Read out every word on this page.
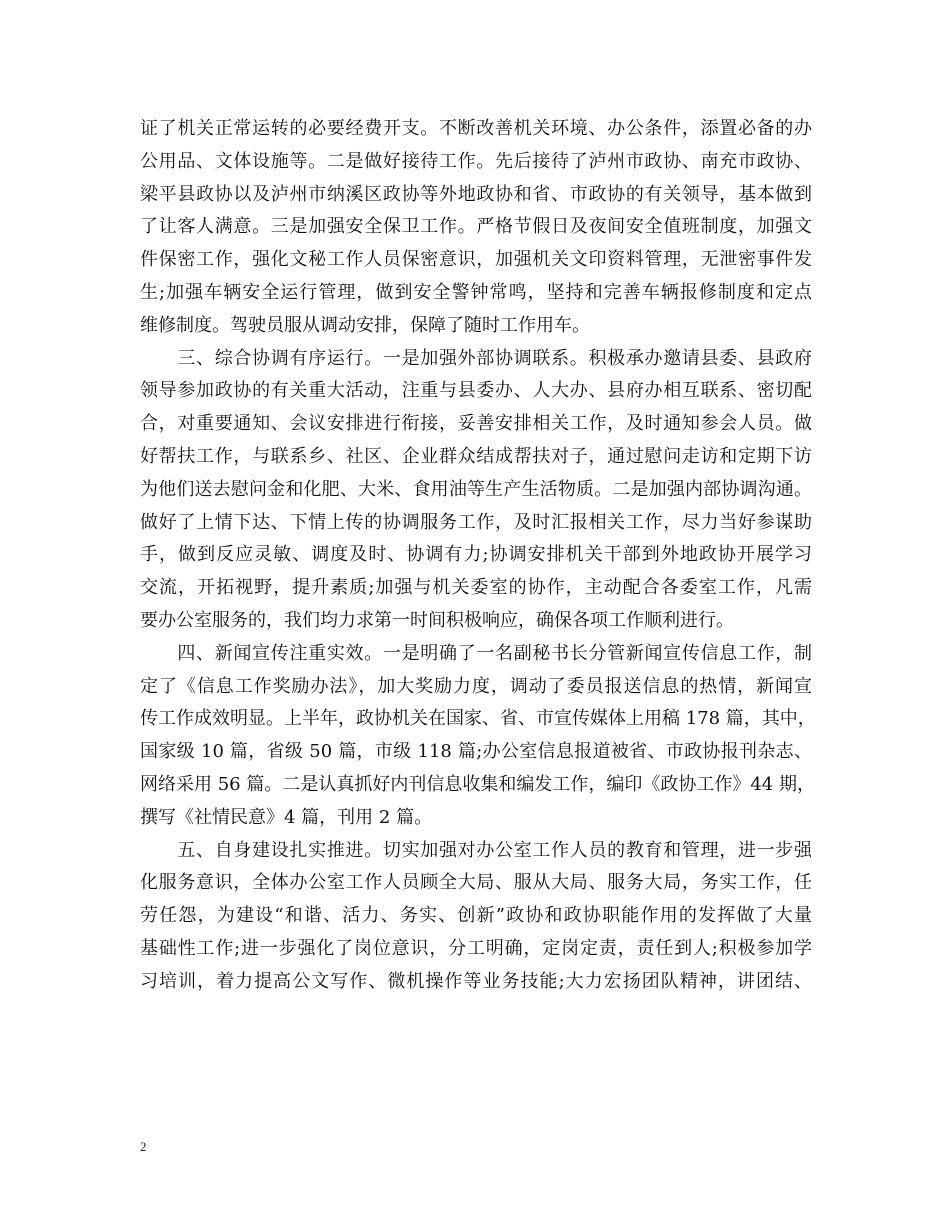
证了机关正常运转的必要经费开支。不断改善机关环境、办公条件，添置必备的办
公用品、文体设施等。二是做好接待工作。先后接待了泸州市政协、南充市政协、
梁平县政协以及泸州市纳溪区政协等外地政协和省、市政协的有关领导，基本做到
了让客人满意。三是加强安全保卫工作。严格节假日及夜间安全值班制度，加强文
件保密工作，强化文秘工作人员保密意识，加强机关文印资料管理，无泄密事件发
生;加强车辆安全运行管理，做到安全警钟常鸣，坚持和完善车辆报修制度和定点
维修制度。驾驶员服从调动安排，保障了随时工作用车。
　　三、综合协调有序运行。一是加强外部协调联系。积极承办邀请县委、县政府
领导参加政协的有关重大活动，注重与县委办、人大办、县府办相互联系、密切配
合，对重要通知、会议安排进行衔接，妥善安排相关工作，及时通知参会人员。做
好帮扶工作，与联系乡、社区、企业群众结成帮扶对子，通过慰问走访和定期下访
为他们送去慰问金和化肥、大米、食用油等生产生活物质。二是加强内部协调沟通。
做好了上情下达、下情上传的协调服务工作，及时汇报相关工作，尽力当好参谋助
手，做到反应灵敏、调度及时、协调有力;协调安排机关干部到外地政协开展学习
交流，开拓视野，提升素质;加强与机关委室的协作，主动配合各委室工作，凡需
要办公室服务的，我们均力求第一时间积极响应，确保各项工作顺利进行。
　　四、新闻宣传注重实效。一是明确了一名副秘书长分管新闻宣传信息工作，制
定了《信息工作奖励办法》，加大奖励力度，调动了委员报送信息的热情，新闻宣
传工作成效明显。上半年，政协机关在国家、省、市宣传媒体上用稿 178 篇，其中，
国家级 10 篇，省级 50 篇，市级 118 篇;办公室信息报道被省、市政协报刊杂志、
网络采用 56 篇。二是认真抓好内刊信息收集和编发工作，编印《政协工作》44 期，
撰写《社情民意》4 篇，刊用 2 篇。
　　五、自身建设扎实推进。切实加强对办公室工作人员的教育和管理，进一步强
化服务意识，全体办公室工作人员顾全大局、服从大局、服务大局，务实工作，任
劳任怨，为建设“和谐、活力、务实、创新”政协和政协职能作用的发挥做了大量
基础性工作;进一步强化了岗位意识，分工明确，定岗定责，责任到人;积极参加学
习培训，着力提高公文写作、微机操作等业务技能;大力宏扬团队精神，讲团结、
2
